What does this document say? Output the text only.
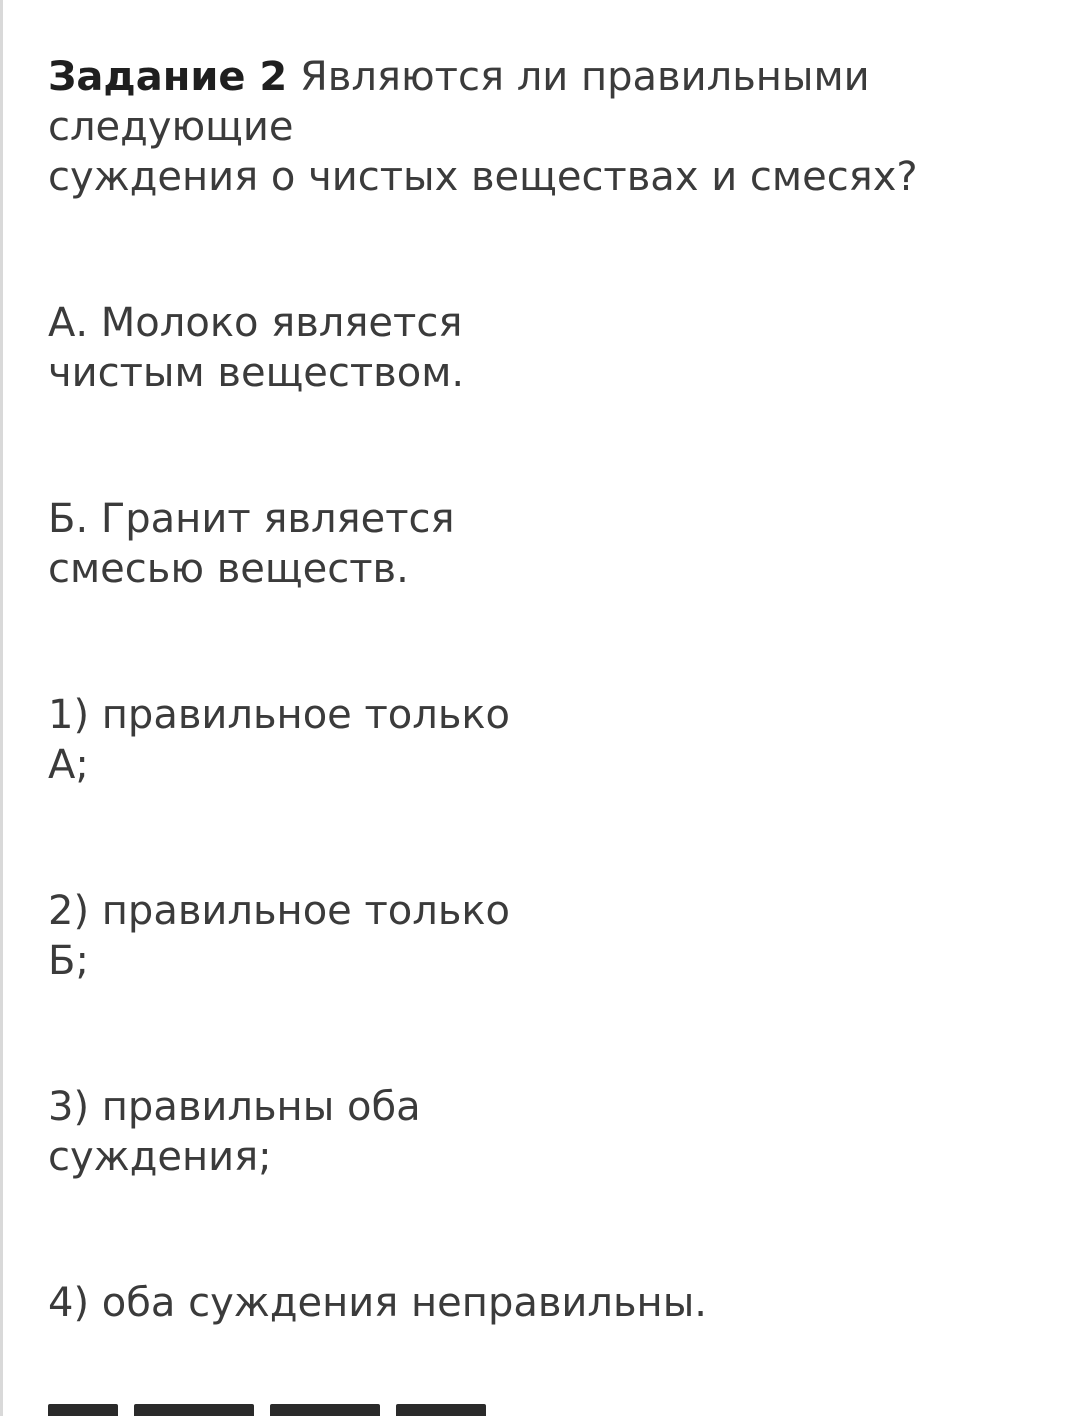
Задание 2 Являются ли правильными
следующие
суждения о чистых веществах и смесях?
А. Молоко является
чистым веществом.
Б. Гранит является
смесью веществ.
1) правильное только
А;
2) правильное только
Б;
3) правильны оба
суждения;
4) оба суждения неправильны.
